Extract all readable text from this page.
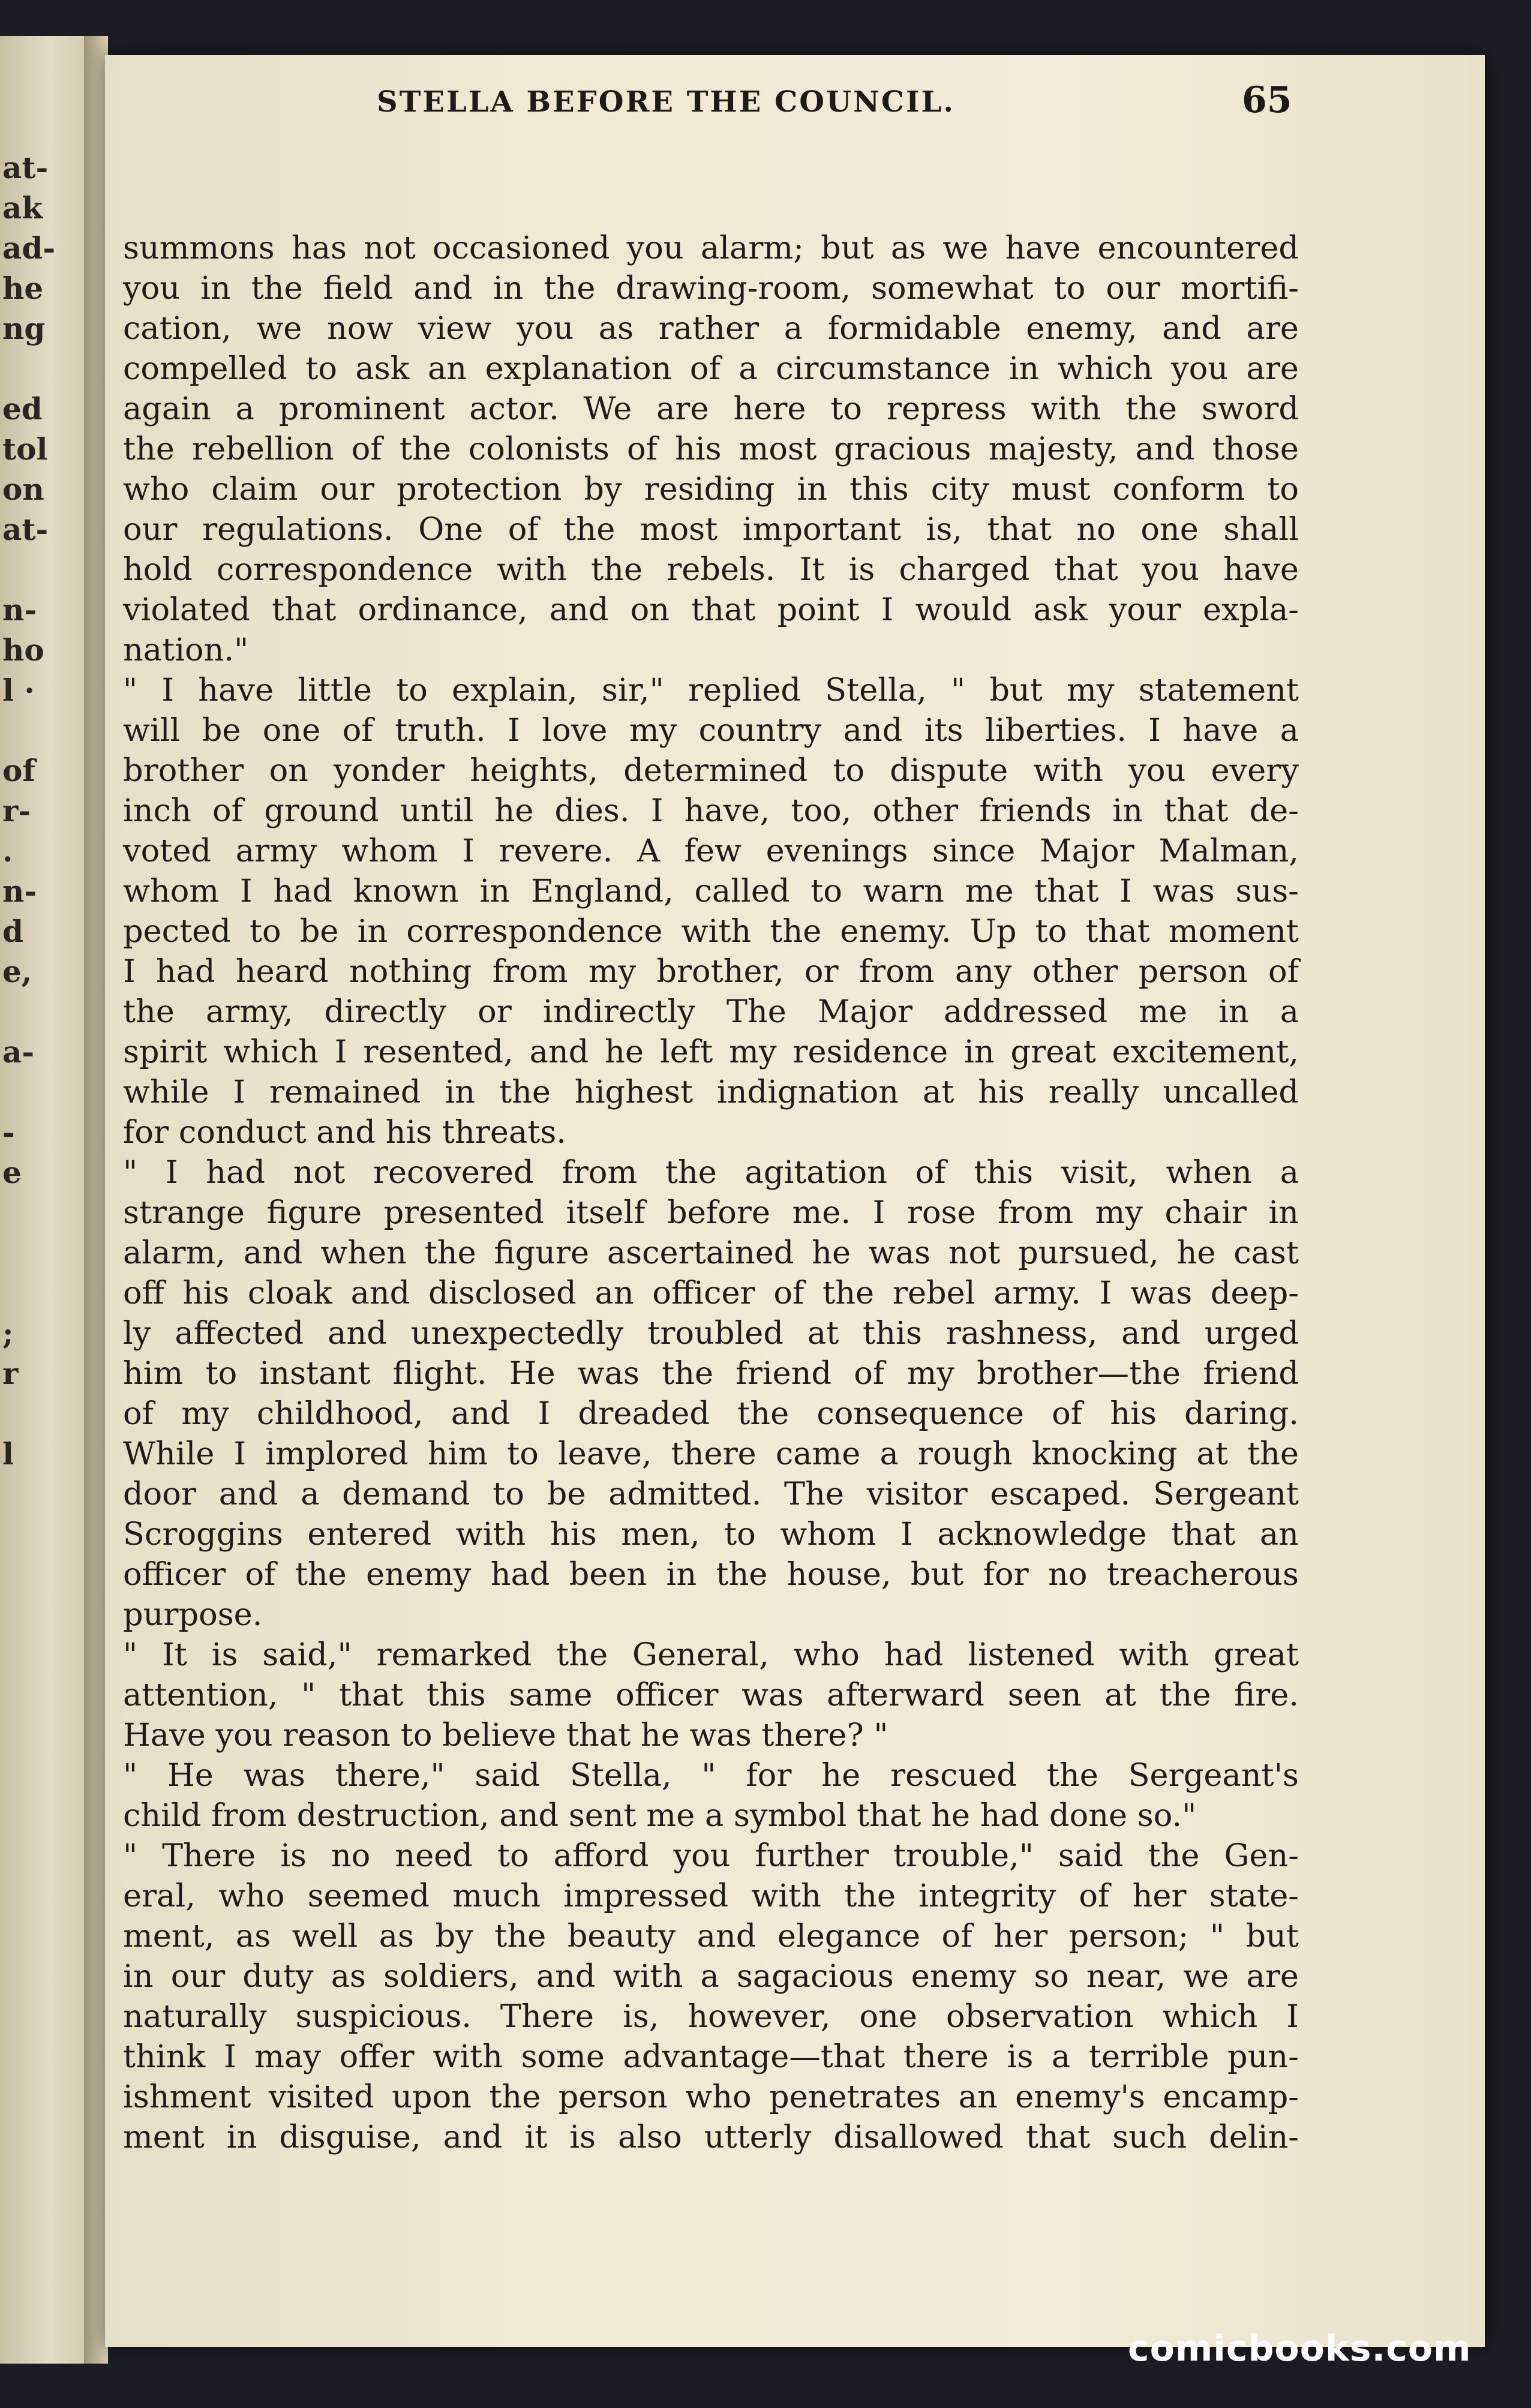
at-
ak
ad-
he
ng
ed
tol
on
at-
n-
ho
l ·
of
r-
.
n-
d
e,
a-
-
e
;
r
l
STELLA BEFORE THE COUNCIL.	65
summons has not occasioned you alarm; but as we have encountered
you in the field and in the drawing-room, somewhat to our mortifi-
cation, we now view you as rather a formidable enemy, and are
compelled to ask an explanation of a circumstance in which you are
again a prominent actor. We are here to repress with the sword
the rebellion of the colonists of his most gracious majesty, and those
who claim our protection by residing in this city must conform to
our regulations. One of the most important is, that no one shall
hold correspondence with the rebels. It is charged that you have
violated that ordinance, and on that point I would ask your expla-
nation."
" I have little to explain, sir," replied Stella, " but my statement
will be one of truth. I love my country and its liberties. I have a
brother on yonder heights, determined to dispute with you every
inch of ground until he dies. I have, too, other friends in that de-
voted army whom I revere. A few evenings since Major Malman,
whom I had known in England, called to warn me that I was sus-
pected to be in correspondence with the enemy. Up to that moment
I had heard nothing from my brother, or from any other person of
the army, directly or indirectly The Major addressed me in a
spirit which I resented, and he left my residence in great excitement,
while I remained in the highest indignation at his really uncalled
for conduct and his threats.
" I had not recovered from the agitation of this visit, when a
strange figure presented itself before me. I rose from my chair in
alarm, and when the figure ascertained he was not pursued, he cast
off his cloak and disclosed an officer of the rebel army. I was deep-
ly affected and unexpectedly troubled at this rashness, and urged
him to instant flight. He was the friend of my brother—the friend
of my childhood, and I dreaded the consequence of his daring.
While I implored him to leave, there came a rough knocking at the
door and a demand to be admitted. The visitor escaped. Sergeant
Scroggins entered with his men, to whom I acknowledge that an
officer of the enemy had been in the house, but for no treacherous
purpose.
" It is said," remarked the General, who had listened with great
attention, " that this same officer was afterward seen at the fire.
Have you reason to believe that he was there? "
" He was there," said Stella, " for he rescued the Sergeant's
child from destruction, and sent me a symbol that he had done so."
" There is no need to afford you further trouble," said the Gen-
eral, who seemed much impressed with the integrity of her state-
ment, as well as by the beauty and elegance of her person; " but
in our duty as soldiers, and with a sagacious enemy so near, we are
naturally suspicious. There is, however, one observation which I
think I may offer with some advantage—that there is a terrible pun-
ishment visited upon the person who penetrates an enemy's encamp-
ment in disguise, and it is also utterly disallowed that such delin-
comicbooks.com
